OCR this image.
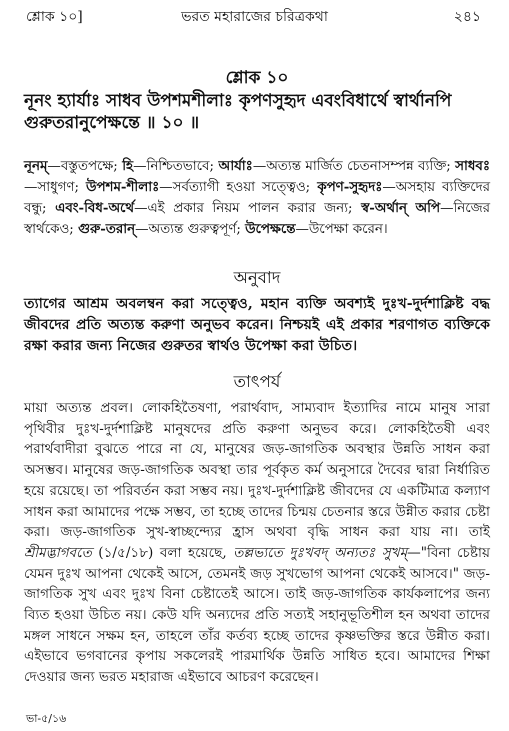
শ্লোক ১০]	ভরত মহারাজের চরিত্রকথা	২৪১
শ্লোক ১০
নূনং হ্যার্যাঃ সাধব উপশমশীলাঃ কৃপণসুহৃদ এবংবিধার্থে স্বার্থানপি গুরুতরানুপেক্ষন্তে ॥ ১০ ॥

নূনম্—বস্তুতপক্ষে; হি—নিশ্চিতভাবে; আর্যাঃ—অত্যন্ত মার্জিত চেতনাসম্পন্ন ব্যক্তি; সাধবঃ—সাধুগণ; উপশম-শীলাঃ—সর্বত্যাগী হওয়া সত্ত্বেও; কৃপণ-সুহৃদঃ—অসহায় ব্যক্তিদের বন্ধু; এবং-বিধ-অর্থে—এই প্রকার নিয়ম পালন করার জন্য; স্ব-অর্থান্ অপি—নিজের স্বার্থকেও; গুরু-তরান্—অত্যন্ত গুরুত্বপূর্ণ; উপেক্ষন্তে—উপেক্ষা করেন।

অনুবাদ
ত্যাগের আশ্রম অবলম্বন করা সত্ত্বেও, মহান ব্যক্তি অবশ্যই দুঃখ-দুর্দশাক্লিষ্ট বদ্ধ জীবদের প্রতি অত্যন্ত করুণা অনুভব করেন। নিশ্চয়ই এই প্রকার শরণাগত ব্যক্তিকে রক্ষা করার জন্য নিজের গুরুতর স্বার্থও উপেক্ষা করা উচিত।
তাৎপর্য

মায়া অত্যন্ত প্রবল। লোকহিতৈষণা, পরার্থবাদ, সাম্যবাদ ইত্যাদির নামে মানুষ সারা পৃথিবীর দুঃখ-দুর্দশাক্লিষ্ট মানুষদের প্রতি করুণা অনুভব করে। লোকহিতৈষী এবং পরার্থবাদীরা বুঝতে পারে না যে, মানুষের জড়-জাগতিক অবস্থার উন্নতি সাধন করা অসম্ভব। মানুষের জড়-জাগতিক অবস্থা তার পূর্বকৃত কর্ম অনুসারে দৈবের দ্বারা নির্ধারিত হয়ে রয়েছে। তা পরিবর্তন করা সম্ভব নয়। দুঃখ-দুর্দশাক্লিষ্ট জীবদের যে একটিমাত্র কল্যাণ সাধন করা আমাদের পক্ষে সম্ভব, তা হচ্ছে তাদের চিন্ময় চেতনার স্তরে উন্নীত করার চেষ্টা করা। জড়-জাগতিক সুখ-স্বাচ্ছন্দ্যের হ্রাস অথবা বৃদ্ধি সাধন করা যায় না। তাই শ্রীমদ্ভাগবতে (১/৫/১৮) বলা হয়েছে, তল্লভ্যতে দুঃখবদ্ অন্যতঃ সুখম্—"বিনা চেষ্টায় যেমন দুঃখ আপনা থেকেই আসে, তেমনই জড় সুখভোগ আপনা থেকেই আসবে।" জড়-জাগতিক সুখ এবং দুঃখ বিনা চেষ্টাতেই আসে। তাই জড়-জাগতিক কার্যকলাপের জন্য ব্যিত হওয়া উচিত নয়। কেউ যদি অন্যদের প্রতি সত্যই সহানুভূতিশীল হন অথবা তাদের মঙ্গল সাধনে সক্ষম হন, তাহলে তাঁর কর্তব্য হচ্ছে তাদের কৃষ্ণভক্তির স্তরে উন্নীত করা। এইভাবে ভগবানের কৃপায় সকলেরই পারমার্থিক উন্নতি সাধিত হবে। আমাদের শিক্ষা দেওয়ার জন্য ভরত মহারাজ এইভাবে আচরণ করেছেন।

ভা-৫/১৬
